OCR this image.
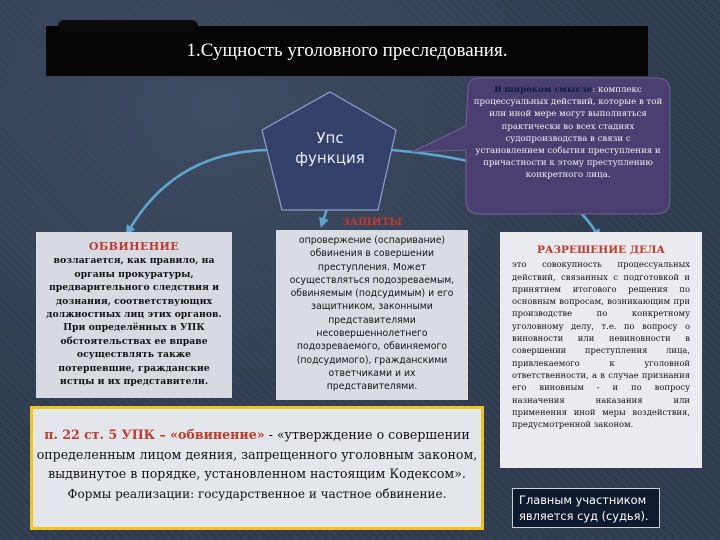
1.Сущность уголовного преследования.
Упс
функция
В широком смысле: комплекс процессуальных действий, которые в той или иной мере могут выполняться практически во всех стадиях судопроизводства в связи с установлением события преступления и причастности к этому преступлению конкретного лица.
ОБВИНЕНИЕ
возлагается, как правило, на органы прокуратуры, предварительного следствия и дознания, соответствующих должностных лиц этих органов. При определённых в УПК обстоятельствах ее вправе осуществлять также потерпевшие, гражданские истцы и их представители.
ЗАЩИТЫ
опровержение (оспаривание) обвинения в совершении преступления. Может осуществляться подозреваемым, обвиняемым (подсудимым) и его защитником, законными представителями несовершеннолетнего подозреваемого, обвиняемого (подсудимого), гражданскими ответчиками и их представителями.
РАЗРЕШЕНИЕ ДЕЛА
это совокупность процессуальных действий, связанных с подготовкой и принятием итогового решения по основным вопросам, возникающим при производстве по конкретному уголовному делу, т.е. по вопросу о виновности или невиновности в совершении преступления лица, привлекаемого к уголовной ответственности, а в случае признания его виновным - и по вопросу назначения наказания или применения иной меры воздействия, предусмотренной законом.
п. 22 ст. 5 УПК – «обвинение» - «утверждение о совершении определенным лицом деяния, запрещенного уголовным законом, выдвинутое в порядке, установленном настоящим Кодексом».
Формы реализации: государственное и частное обвинение.	Главным участником является суд (судья).
